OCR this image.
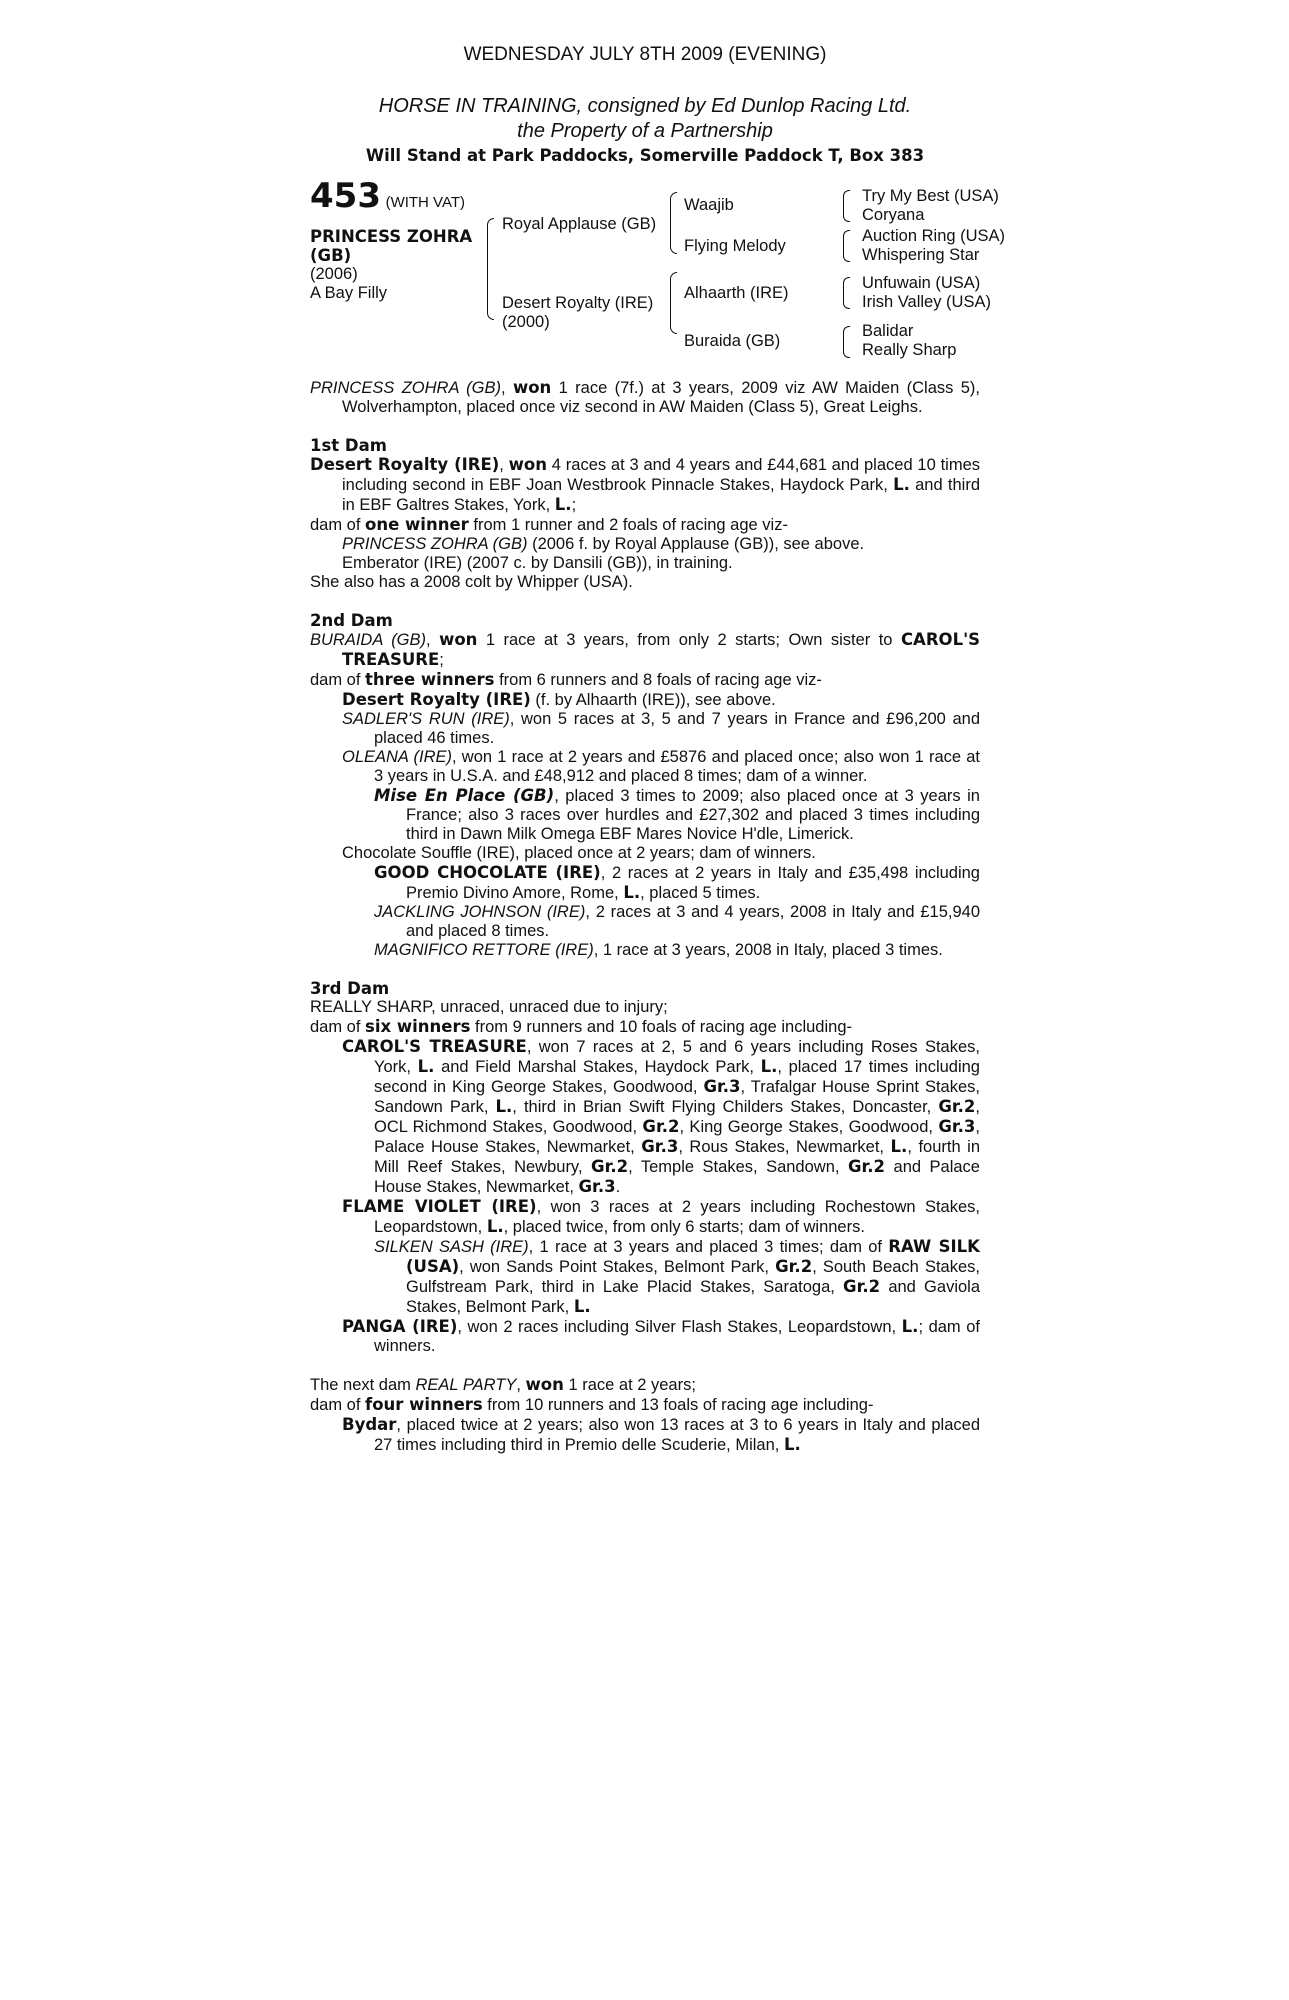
WEDNESDAY JULY 8TH 2009 (EVENING)
HORSE IN TRAINING, consigned by Ed Dunlop Racing Ltd.
the Property of a Partnership
Will Stand at Park Paddocks, Somerville Paddock T, Box 383
453 (WITH VAT)
PRINCESS ZOHRA
(GB)
(2006)
A Bay Filly
Royal Applause (GB)
Desert Royalty (IRE)
(2000)
Waajib
Flying Melody
Alhaarth (IRE)
Buraida (GB)
Try My Best (USA)
Coryana
Auction Ring (USA)
Whispering Star
Unfuwain (USA)
Irish Valley (USA)
Balidar
Really Sharp

PRINCESS ZOHRA (GB), won 1 race (7f.) at 3 years, 2009 viz AW Maiden (Class 5), Wolverhampton, placed once viz second in AW Maiden (Class 5), Great Leighs.

1st Dam

Desert Royalty (IRE), won 4 races at 3 and 4 years and £44,681 and placed 10 times including second in EBF Joan Westbrook Pinnacle Stakes, Haydock Park, L. and third in EBF Galtres Stakes, York, L.;

dam of one winner from 1 runner and 2 foals of racing age viz-

PRINCESS ZOHRA (GB) (2006 f. by Royal Applause (GB)), see above.

Emberator (IRE) (2007 c. by Dansili (GB)), in training.

She also has a 2008 colt by Whipper (USA).

2nd Dam

BURAIDA (GB), won 1 race at 3 years, from only 2 starts; Own sister to CAROL'S TREASURE;

dam of three winners from 6 runners and 8 foals of racing age viz-

Desert Royalty (IRE) (f. by Alhaarth (IRE)), see above.

SADLER'S RUN (IRE), won 5 races at 3, 5 and 7 years in France and £96,200 and placed 46 times.

OLEANA (IRE), won 1 race at 2 years and £5876 and placed once; also won 1 race at 3 years in U.S.A. and £48,912 and placed 8 times; dam of a winner.

Mise En Place (GB), placed 3 times to 2009; also placed once at 3 years in France; also 3 races over hurdles and £27,302 and placed 3 times including third in Dawn Milk Omega EBF Mares Novice H'dle, Limerick.

Chocolate Souffle (IRE), placed once at 2 years; dam of winners.

GOOD CHOCOLATE (IRE), 2 races at 2 years in Italy and £35,498 including Premio Divino Amore, Rome, L., placed 5 times.

JACKLING JOHNSON (IRE), 2 races at 3 and 4 years, 2008 in Italy and £15,940 and placed 8 times.

MAGNIFICO RETTORE (IRE), 1 race at 3 years, 2008 in Italy, placed 3 times.

3rd Dam

REALLY SHARP, unraced, unraced due to injury;

dam of six winners from 9 runners and 10 foals of racing age including-

CAROL'S TREASURE, won 7 races at 2, 5 and 6 years including Roses Stakes, York, L. and Field Marshal Stakes, Haydock Park, L., placed 17 times including second in King George Stakes, Goodwood, Gr.3, Trafalgar House Sprint Stakes, Sandown Park, L., third in Brian Swift Flying Childers Stakes, Doncaster, Gr.2, OCL Richmond Stakes, Goodwood, Gr.2, King George Stakes, Goodwood, Gr.3, Palace House Stakes, Newmarket, Gr.3, Rous Stakes, Newmarket, L., fourth in Mill Reef Stakes, Newbury, Gr.2, Temple Stakes, Sandown, Gr.2 and Palace House Stakes, Newmarket, Gr.3.

FLAME VIOLET (IRE), won 3 races at 2 years including Rochestown Stakes, Leopardstown, L., placed twice, from only 6 starts; dam of winners.

SILKEN SASH (IRE), 1 race at 3 years and placed 3 times; dam of RAW SILK (USA), won Sands Point Stakes, Belmont Park, Gr.2, South Beach Stakes, Gulfstream Park, third in Lake Placid Stakes, Saratoga, Gr.2 and Gaviola Stakes, Belmont Park, L.

PANGA (IRE), won 2 races including Silver Flash Stakes, Leopardstown, L.; dam of winners.

The next dam REAL PARTY, won 1 race at 2 years;

dam of four winners from 10 runners and 13 foals of racing age including-

Bydar, placed twice at 2 years; also won 13 races at 3 to 6 years in Italy and placed 27 times including third in Premio delle Scuderie, Milan, L.
